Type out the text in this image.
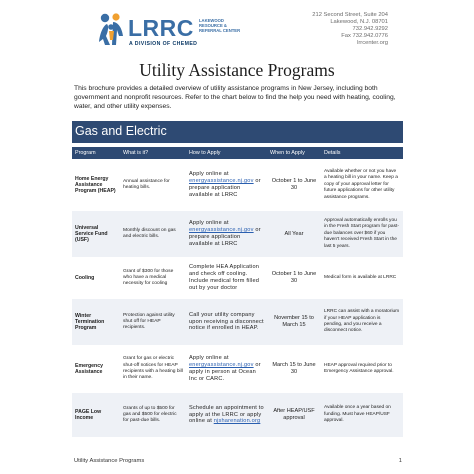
LRRC LAKEWOOD RESOURCE & REFERRAL CENTER
A DIVISION OF CHEMED
212 Second Street, Suite 204
Lakewood, N.J. 08701
732.942.9292
Fax 732.942.0776
lrrcenter.org
Utility Assistance Programs
This brochure provides a detailed overview of utility assistance programs in New Jersey, including both government and nonprofit resources. Refer to the chart below to find the help you need with heating, cooling, water, and other utility expenses.
Gas and Electric
Program	What is it?	How to Apply	When to Apply	Details
Home Energy Assistance Program (HEAP)	Annual assistance for heating bills.	Apply online at energyassistance.nj.gov or prepare application available at LRRC	October 1 to June 30	Available whether or not you have a heating bill in your name. Keep a copy of your approval letter for future applications for other utility assistance programs.
Universal Service Fund (USF)	Monthly discount on gas and electric bills.	Apply online at energyassistance.nj.gov or prepare application available at LRRC	All Year	Approval automatically enrolls you in the Fresh Start program for past-due balances over $60 if you haven't received Fresh Start in the last 5 years.
Cooling	Grant of $300 for those who have a medical necessity for cooling	Complete HEA Application and check off cooling. Include medical form filled out by your doctor	October 1 to June 30	Medical form is available at LRRC
Winter Termination Program	Protection against utility shut off for HEAP recipients.	Call your utility company upon receiving a disconnect notice if enrolled in HEAP.	November 15 to March 15	LRRC can assist with a moratorium if your HEAP application is pending, and you receive a disconnect notice.
Emergency Assistance	Grant for gas or electric shut-off notices for HEAP recipients with a heating bill in their name.	Apply online at energyassistance.nj.gov or apply in person at Ocean Inc or CARC.	March 15 to June 30	HEAP approval required prior to Emergency Assistance approval.
PAGE Low Income	Grants of up to $500 for gas and $500 for electric for past-due bills.	Schedule an appointment to apply at the LRRC or apply online at njsharenation.org	After HEAP/USF approval	Available once a year based on funding. Must have HEAP/USF approval.
Utility Assistance Programs	1
